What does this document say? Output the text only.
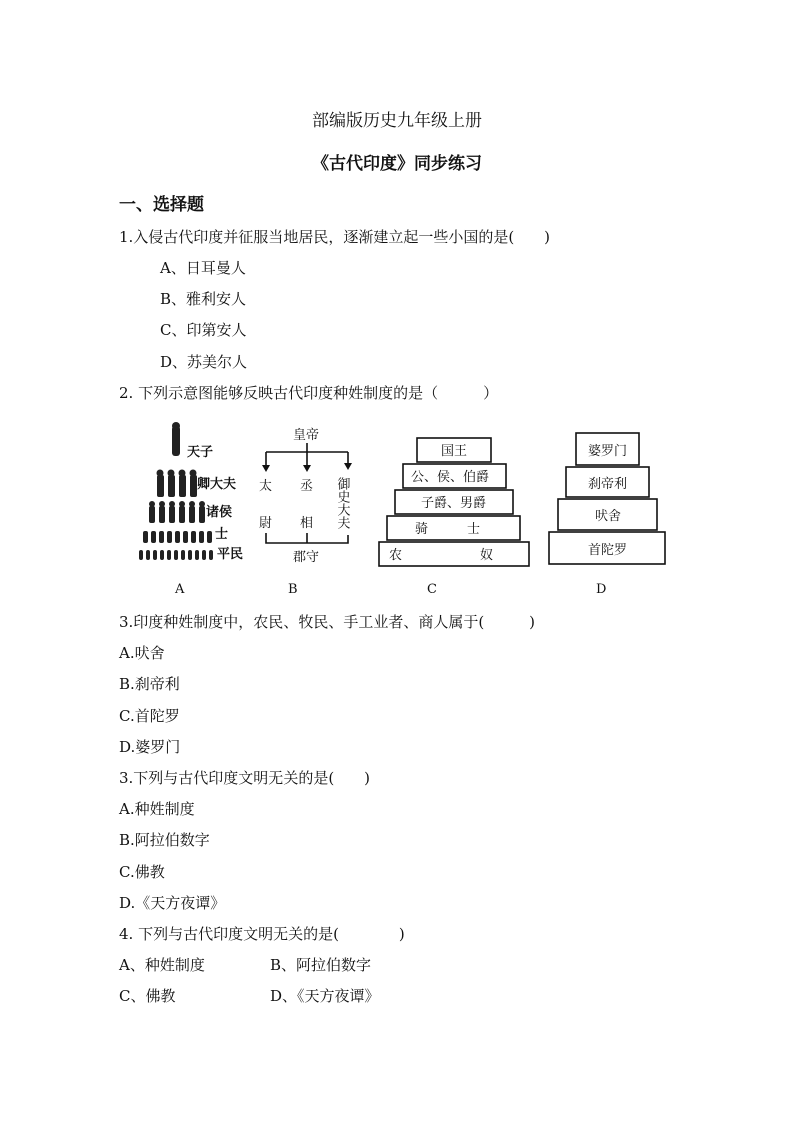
部编版历史九年级上册
《古代印度》同步练习
一、选择题
1.入侵古代印度并征服当地居民，逐渐建立起一些小国的是(　　)
A、日耳曼人
B、雅利安人
C、印第安人
D、苏美尔人
2. 下列示意图能够反映古代印度种姓制度的是（　　　）
天子
卿大夫
诸侯
士
平民
皇帝
太
尉
丞
相 御史大夫
郡守
国王
公、侯、伯爵
子爵、男爵
骑　　　士
农　　　　　　奴
婆罗门
刹帝利
吠舍
首陀罗
A	B	C	D
3.印度种姓制度中，农民、牧民、手工业者、商人属于(　　　)
A.吠舍
B.刹帝利
C.首陀罗
D.婆罗门
3.下列与古代印度文明无关的是(　　)
A.种姓制度
B.阿拉伯数字
C.佛教
D.《天方夜谭》
4. 下列与古代印度文明无关的是(　　　　)
A、种姓制度	B、阿拉伯数字
C、佛教	D、《天方夜谭》
